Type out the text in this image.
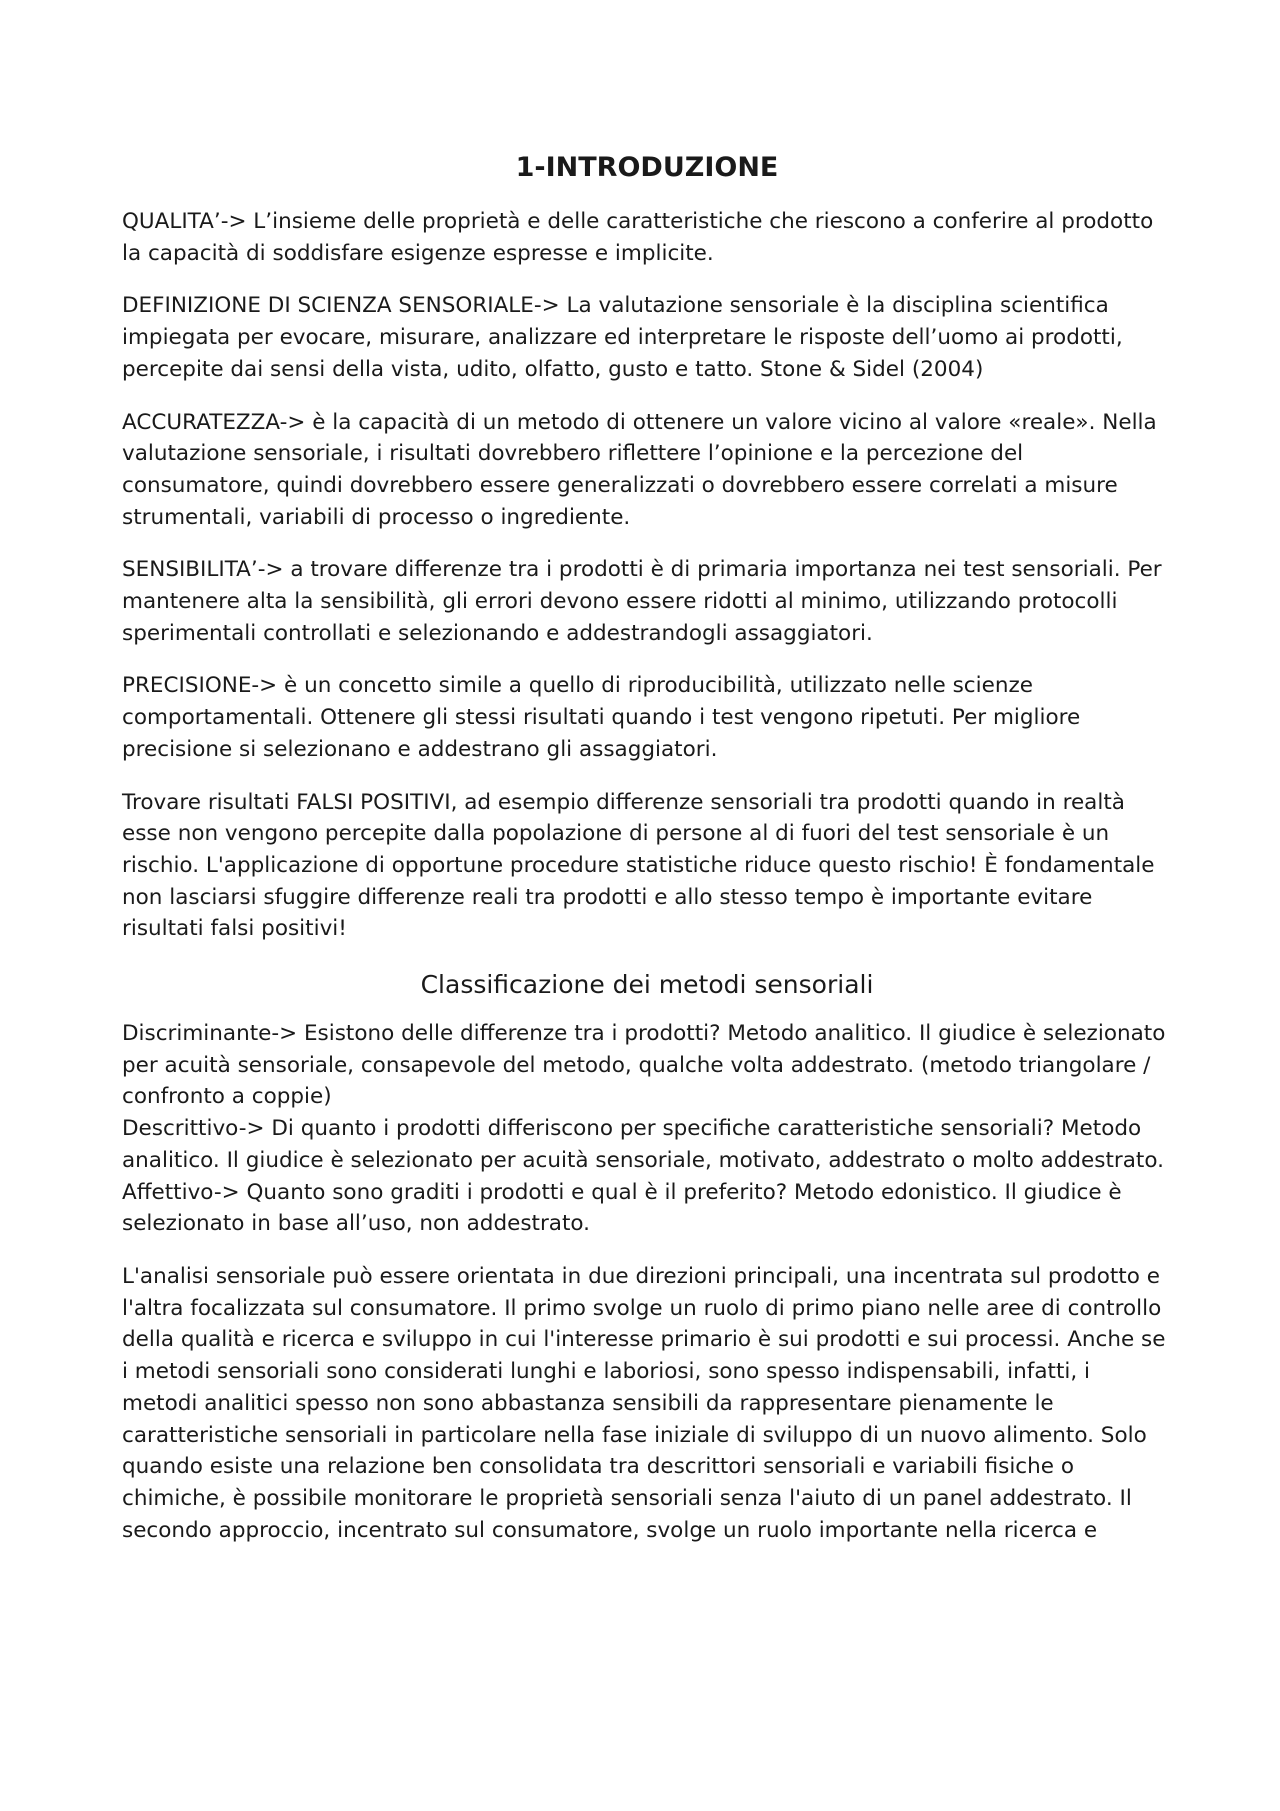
1-INTRODUZIONE

QUALITA’-> L’insieme delle proprietà e delle caratteristiche che riescono a conferire al prodotto la capacità di soddisfare esigenze espresse e implicite.

DEFINIZIONE DI SCIENZA SENSORIALE-> La valutazione sensoriale è la disciplina scientifica impiegata per evocare, misurare, analizzare ed interpretare le risposte dell’uomo ai prodotti, percepite dai sensi della vista, udito, olfatto, gusto e tatto. Stone & Sidel (2004)

ACCURATEZZA-> è la capacità di un metodo di ottenere un valore vicino al valore «reale». Nella valutazione sensoriale, i risultati dovrebbero riflettere l’opinione e la percezione del consumatore, quindi dovrebbero essere generalizzati o dovrebbero essere correlati a misure strumentali, variabili di processo o ingrediente.

SENSIBILITA’-> a trovare differenze tra i prodotti è di primaria importanza nei test sensoriali. Per mantenere alta la sensibilità, gli errori devono essere ridotti al minimo, utilizzando protocolli sperimentali controllati e selezionando e addestrandogli assaggiatori.

PRECISIONE-> è un concetto simile a quello di riproducibilità, utilizzato nelle scienze comportamentali. Ottenere gli stessi risultati quando i test vengono ripetuti. Per migliore precisione si selezionano e addestrano gli assaggiatori.

Trovare risultati FALSI POSITIVI, ad esempio differenze sensoriali tra prodotti quando in realtà esse non vengono percepite dalla popolazione di persone al di fuori del test sensoriale è un rischio. L'applicazione di opportune procedure statistiche riduce questo rischio! È fondamentale non lasciarsi sfuggire differenze reali tra prodotti e allo stesso tempo è importante evitare risultati falsi positivi!

Classificazione dei metodi sensoriali

Discriminante-> Esistono delle differenze tra i prodotti? Metodo analitico. Il giudice è selezionato per acuità sensoriale, consapevole del metodo, qualche volta addestrato. (metodo triangolare / confronto a coppie)

Descrittivo-> Di quanto i prodotti differiscono per specifiche caratteristiche sensoriali? Metodo analitico. Il giudice è selezionato per acuità sensoriale, motivato, addestrato o molto addestrato.

Affettivo-> Quanto sono graditi i prodotti e qual è il preferito? Metodo edonistico. Il giudice è selezionato in base all’uso, non addestrato.

L'analisi sensoriale può essere orientata in due direzioni principali, una incentrata sul prodotto e l'altra focalizzata sul consumatore. Il primo svolge un ruolo di primo piano nelle aree di controllo della qualità e ricerca e sviluppo in cui l'interesse primario è sui prodotti e sui processi. Anche se i metodi sensoriali sono considerati lunghi e laboriosi, sono spesso indispensabili, infatti, i metodi analitici spesso non sono abbastanza sensibili da rappresentare pienamente le caratteristiche sensoriali in particolare nella fase iniziale di sviluppo di un nuovo alimento. Solo quando esiste una relazione ben consolidata tra descrittori sensoriali e variabili fisiche o chimiche, è possibile monitorare le proprietà sensoriali senza l'aiuto di un panel addestrato. Il secondo approccio, incentrato sul consumatore, svolge un ruolo importante nella ricerca e
